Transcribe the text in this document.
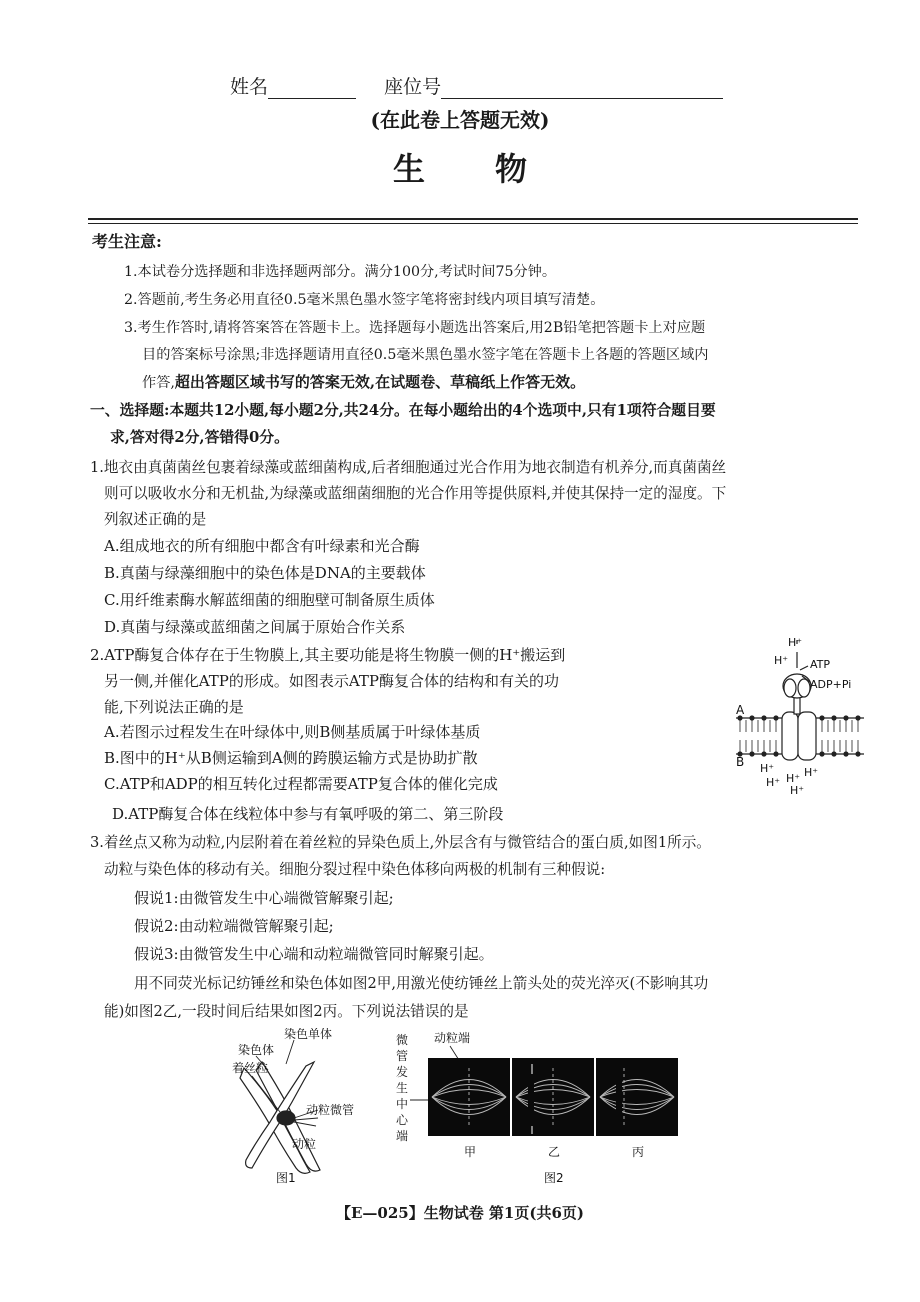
姓名	座位号
(在此卷上答题无效)
生物
考生注意:
1.本试卷分选择题和非选择题两部分。满分100分,考试时间75分钟。
2.答题前,考生务必用直径0.5毫米黑色墨水签字笔将密封线内项目填写清楚。
3.考生作答时,请将答案答在答题卡上。选择题每小题选出答案后,用2B铅笔把答题卡上对应题
目的答案标号涂黑;非选择题请用直径0.5毫米黑色墨水签字笔在答题卡上各题的答题区域内
作答,超出答题区域书写的答案无效,在试题卷、草稿纸上作答无效。
一、选择题:本题共12小题,每小题2分,共24分。在每小题给出的4个选项中,只有1项符合题目要
求,答对得2分,答错得0分。
1.地衣由真菌菌丝包裹着绿藻或蓝细菌构成,后者细胞通过光合作用为地衣制造有机养分,而真菌菌丝
则可以吸收水分和无机盐,为绿藻或蓝细菌细胞的光合作用等提供原料,并使其保持一定的湿度。下
列叙述正确的是
A.组成地衣的所有细胞中都含有叶绿素和光合酶
B.真菌与绿藻细胞中的染色体是DNA的主要载体
C.用纤维素酶水解蓝细菌的细胞壁可制备原生质体
D.真菌与绿藻或蓝细菌之间属于原始合作关系
2.ATP酶复合体存在于生物膜上,其主要功能是将生物膜一侧的H⁺搬运到
另一侧,并催化ATP的形成。如图表示ATP酶复合体的结构和有关的功
能,下列说法正确的是
A.若图示过程发生在叶绿体中,则B侧基质属于叶绿体基质
B.图中的H⁺从B侧运输到A侧的跨膜运输方式是协助扩散
C.ATP和ADP的相互转化过程都需要ATP复合体的催化完成
D.ATP酶复合体在线粒体中参与有氧呼吸的第二、第三阶段
H⁺
H⁺ ATP
ADP+Pi
A
B H⁺
H⁺ H⁺ H⁺
H⁺
3.着丝点又称为动粒,内层附着在着丝粒的异染色质上,外层含有与微管结合的蛋白质,如图1所示。
动粒与染色体的移动有关。细胞分裂过程中染色体移向两极的机制有三种假说:
假说1:由微管发生中心端微管解聚引起;
假说2:由动粒端微管解聚引起;
假说3:由微管发生中心端和动粒端微管同时解聚引起。
用不同荧光标记纺锤丝和染色体如图2甲,用激光使纺锤丝上箭头处的荧光淬灭(不影响其功
能)如图2乙,一段时间后结果如图2丙。下列说法错误的是
染色体
染色单体
着丝粒
动粒微管
动粒
图1
微
管
发
生
中
心
端
动粒端
甲	乙	丙
图2
【E—025】生物试卷 第1页(共6页)
